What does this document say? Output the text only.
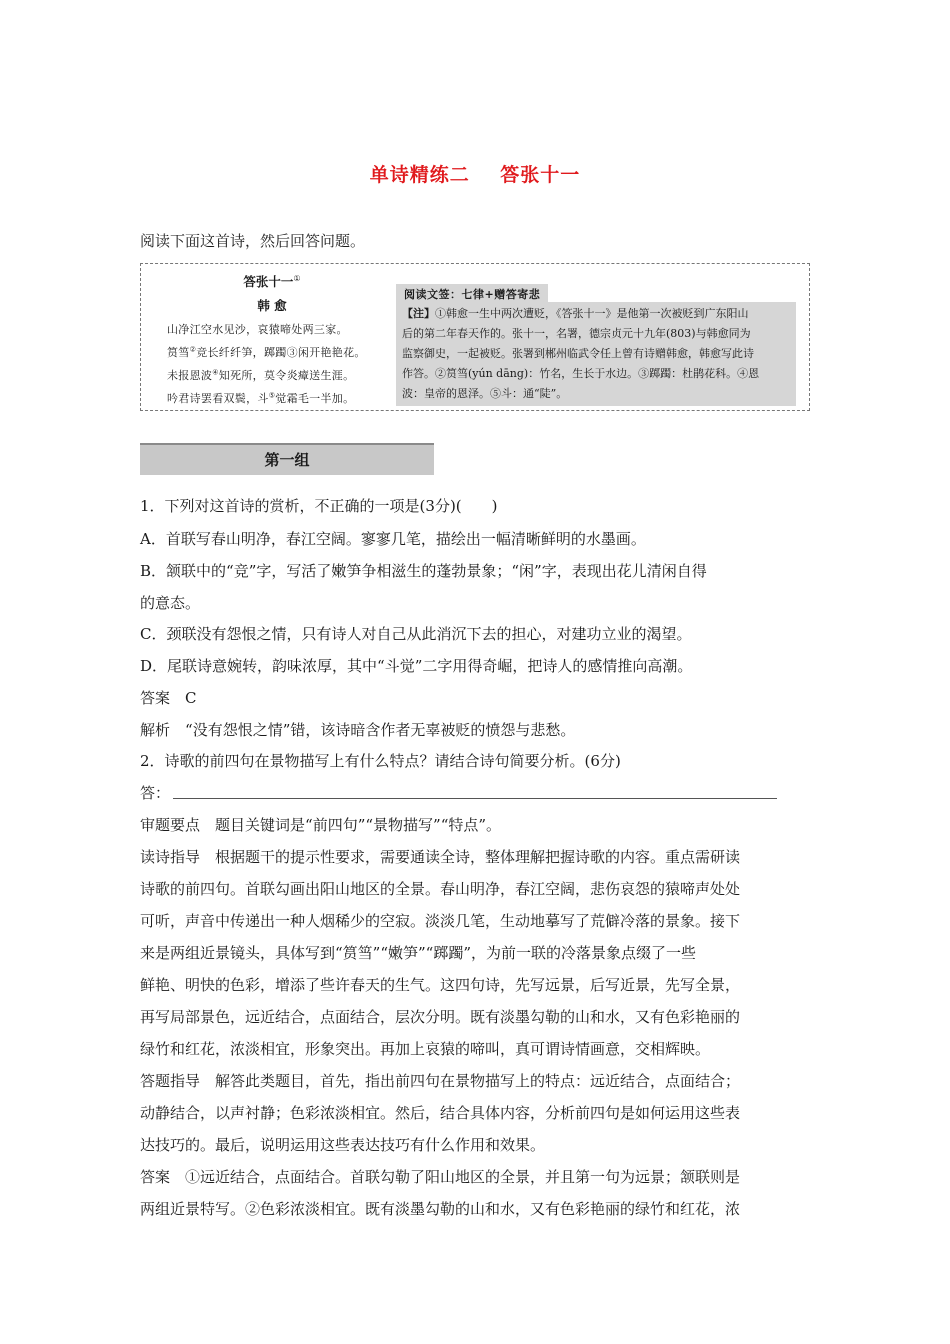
单诗精练二    答张十一
阅读下面这首诗，然后回答问题。
答张十一①
韩 愈
山净江空水见沙，哀猿啼处两三家。
筼筜②竞长纤纤笋，踯躅③闲开艳艳花。
未报恩波④知死所，莫令炎瘴送生涯。
吟君诗罢看双鬓，斗⑤觉霜毛一半加。
阅读文签：七律+赠答寄悲
【注】①韩愈一生中两次遭贬，《答张十一》是他第一次被贬到广东阳山
后的第二年春天作的。张十一，名署，德宗贞元十九年(803)与韩愈同为
监察御史，一起被贬。张署到郴州临武令任上曾有诗赠韩愈，韩愈写此诗
作答。②筼筜(yún dāng)：竹名，生长于水边。③踯躅：杜鹃花科。④恩
波：皇帝的恩泽。⑤斗：通“陡”。
第一组
1．下列对这首诗的赏析，不正确的一项是(3分)(　　)
A．首联写春山明净，春江空阔。寥寥几笔，描绘出一幅清晰鲜明的水墨画。
B．颔联中的“竞”字，写活了嫩笋争相滋生的蓬勃景象；“闲”字，表现出花儿清闲自得
的意态。
C．颈联没有怨恨之情，只有诗人对自己从此消沉下去的担心，对建功立业的渴望。
D．尾联诗意婉转，韵味浓厚，其中“斗觉”二字用得奇崛，把诗人的感情推向高潮。
答案　 C
解析　 “没有怨恨之情”错，该诗暗含作者无辜被贬的愤怨与悲愁。
2．诗歌的前四句在景物描写上有什么特点？请结合诗句简要分析。(6分)
答：
审题要点　 题目关键词是“前四句”“景物描写”“特点”。
读诗指导　 根据题干的提示性要求，需要通读全诗，整体理解把握诗歌的内容。重点需研读
诗歌的前四句。首联勾画出阳山地区的全景。春山明净，春江空阔，悲伤哀怨的猿啼声处处
可听，声音中传递出一种人烟稀少的空寂。淡淡几笔，生动地摹写了荒僻冷落的景象。接下
来是两组近景镜头，具体写到“筼筜”“嫩笋”“踯躅”，为前一联的冷落景象点缀了一些
鲜艳、明快的色彩，增添了些许春天的生气。这四句诗，先写远景，后写近景，先写全景，
再写局部景色，远近结合，点面结合，层次分明。既有淡墨勾勒的山和水，又有色彩艳丽的
绿竹和红花，浓淡相宜，形象突出。再加上哀猿的啼叫，真可谓诗情画意，交相辉映。
答题指导　 解答此类题目，首先，指出前四句在景物描写上的特点：远近结合，点面结合；
动静结合，以声衬静；色彩浓淡相宜。然后，结合具体内容，分析前四句是如何运用这些表
达技巧的。最后，说明运用这些表达技巧有什么作用和效果。
答案　 ①远近结合，点面结合。首联勾勒了阳山地区的全景，并且第一句为远景；颔联则是
两组近景特写。②色彩浓淡相宜。既有淡墨勾勒的山和水，又有色彩艳丽的绿竹和红花，浓
